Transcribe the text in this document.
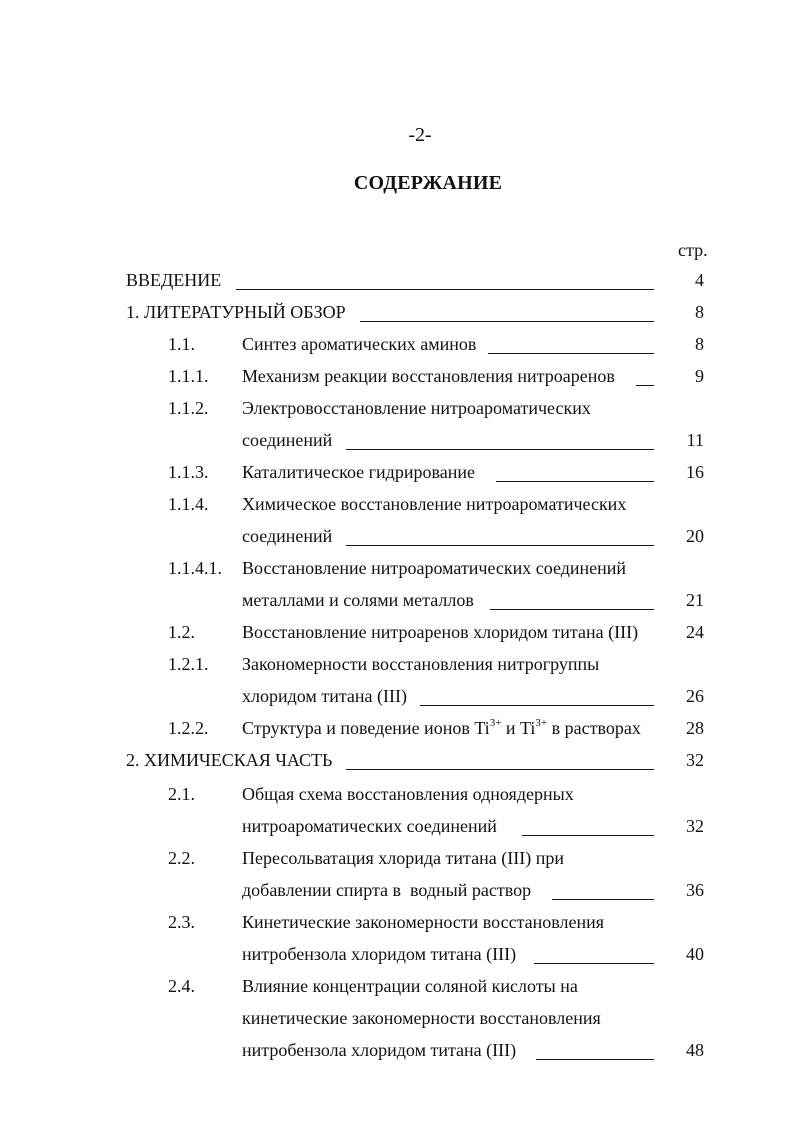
-2-
СОДЕРЖАНИЕ
стр.
ВВЕДЕНИЕ	4
1. ЛИТЕРАТУРНЫЙ ОБЗОР	8
1.1.	Синтез ароматических аминов	8
1.1.1. Механизм реакции восстановления нитроаренов	9
1.1.2. Электровосстановление нитроароматических
соединений	11
1.1.3. Каталитическое гидрирование	16
1.1.4. Химическое восстановление нитроароматических
соединений	20
1.1.4.1. Восстановление нитроароматических соединений
металлами и солями металлов	21
1.2.	Восстановление нитроаренов хлоридом титана (III)	24
1.2.1. Закономерности восстановления нитрогруппы
хлоридом титана (III)	26
1.2.2. Структура и поведение ионов $Ti^{3+}$ и $Ti^{3+}$ в растворах	28
2. ХИМИЧЕСКАЯ ЧАСТЬ	32
2.1.	Общая схема восстановления одноядерных
нитроароматических соединений	32
2.2.	Пересольватация хлорида титана (III) при
добавлении спирта в  водный раствор	36
2.3.	Кинетические закономерности восстановления
нитробензола хлоридом титана (III)	40
2.4.	Влияние концентрации соляной кислоты на
кинетические закономерности восстановления
нитробензола хлоридом титана (III)	48
